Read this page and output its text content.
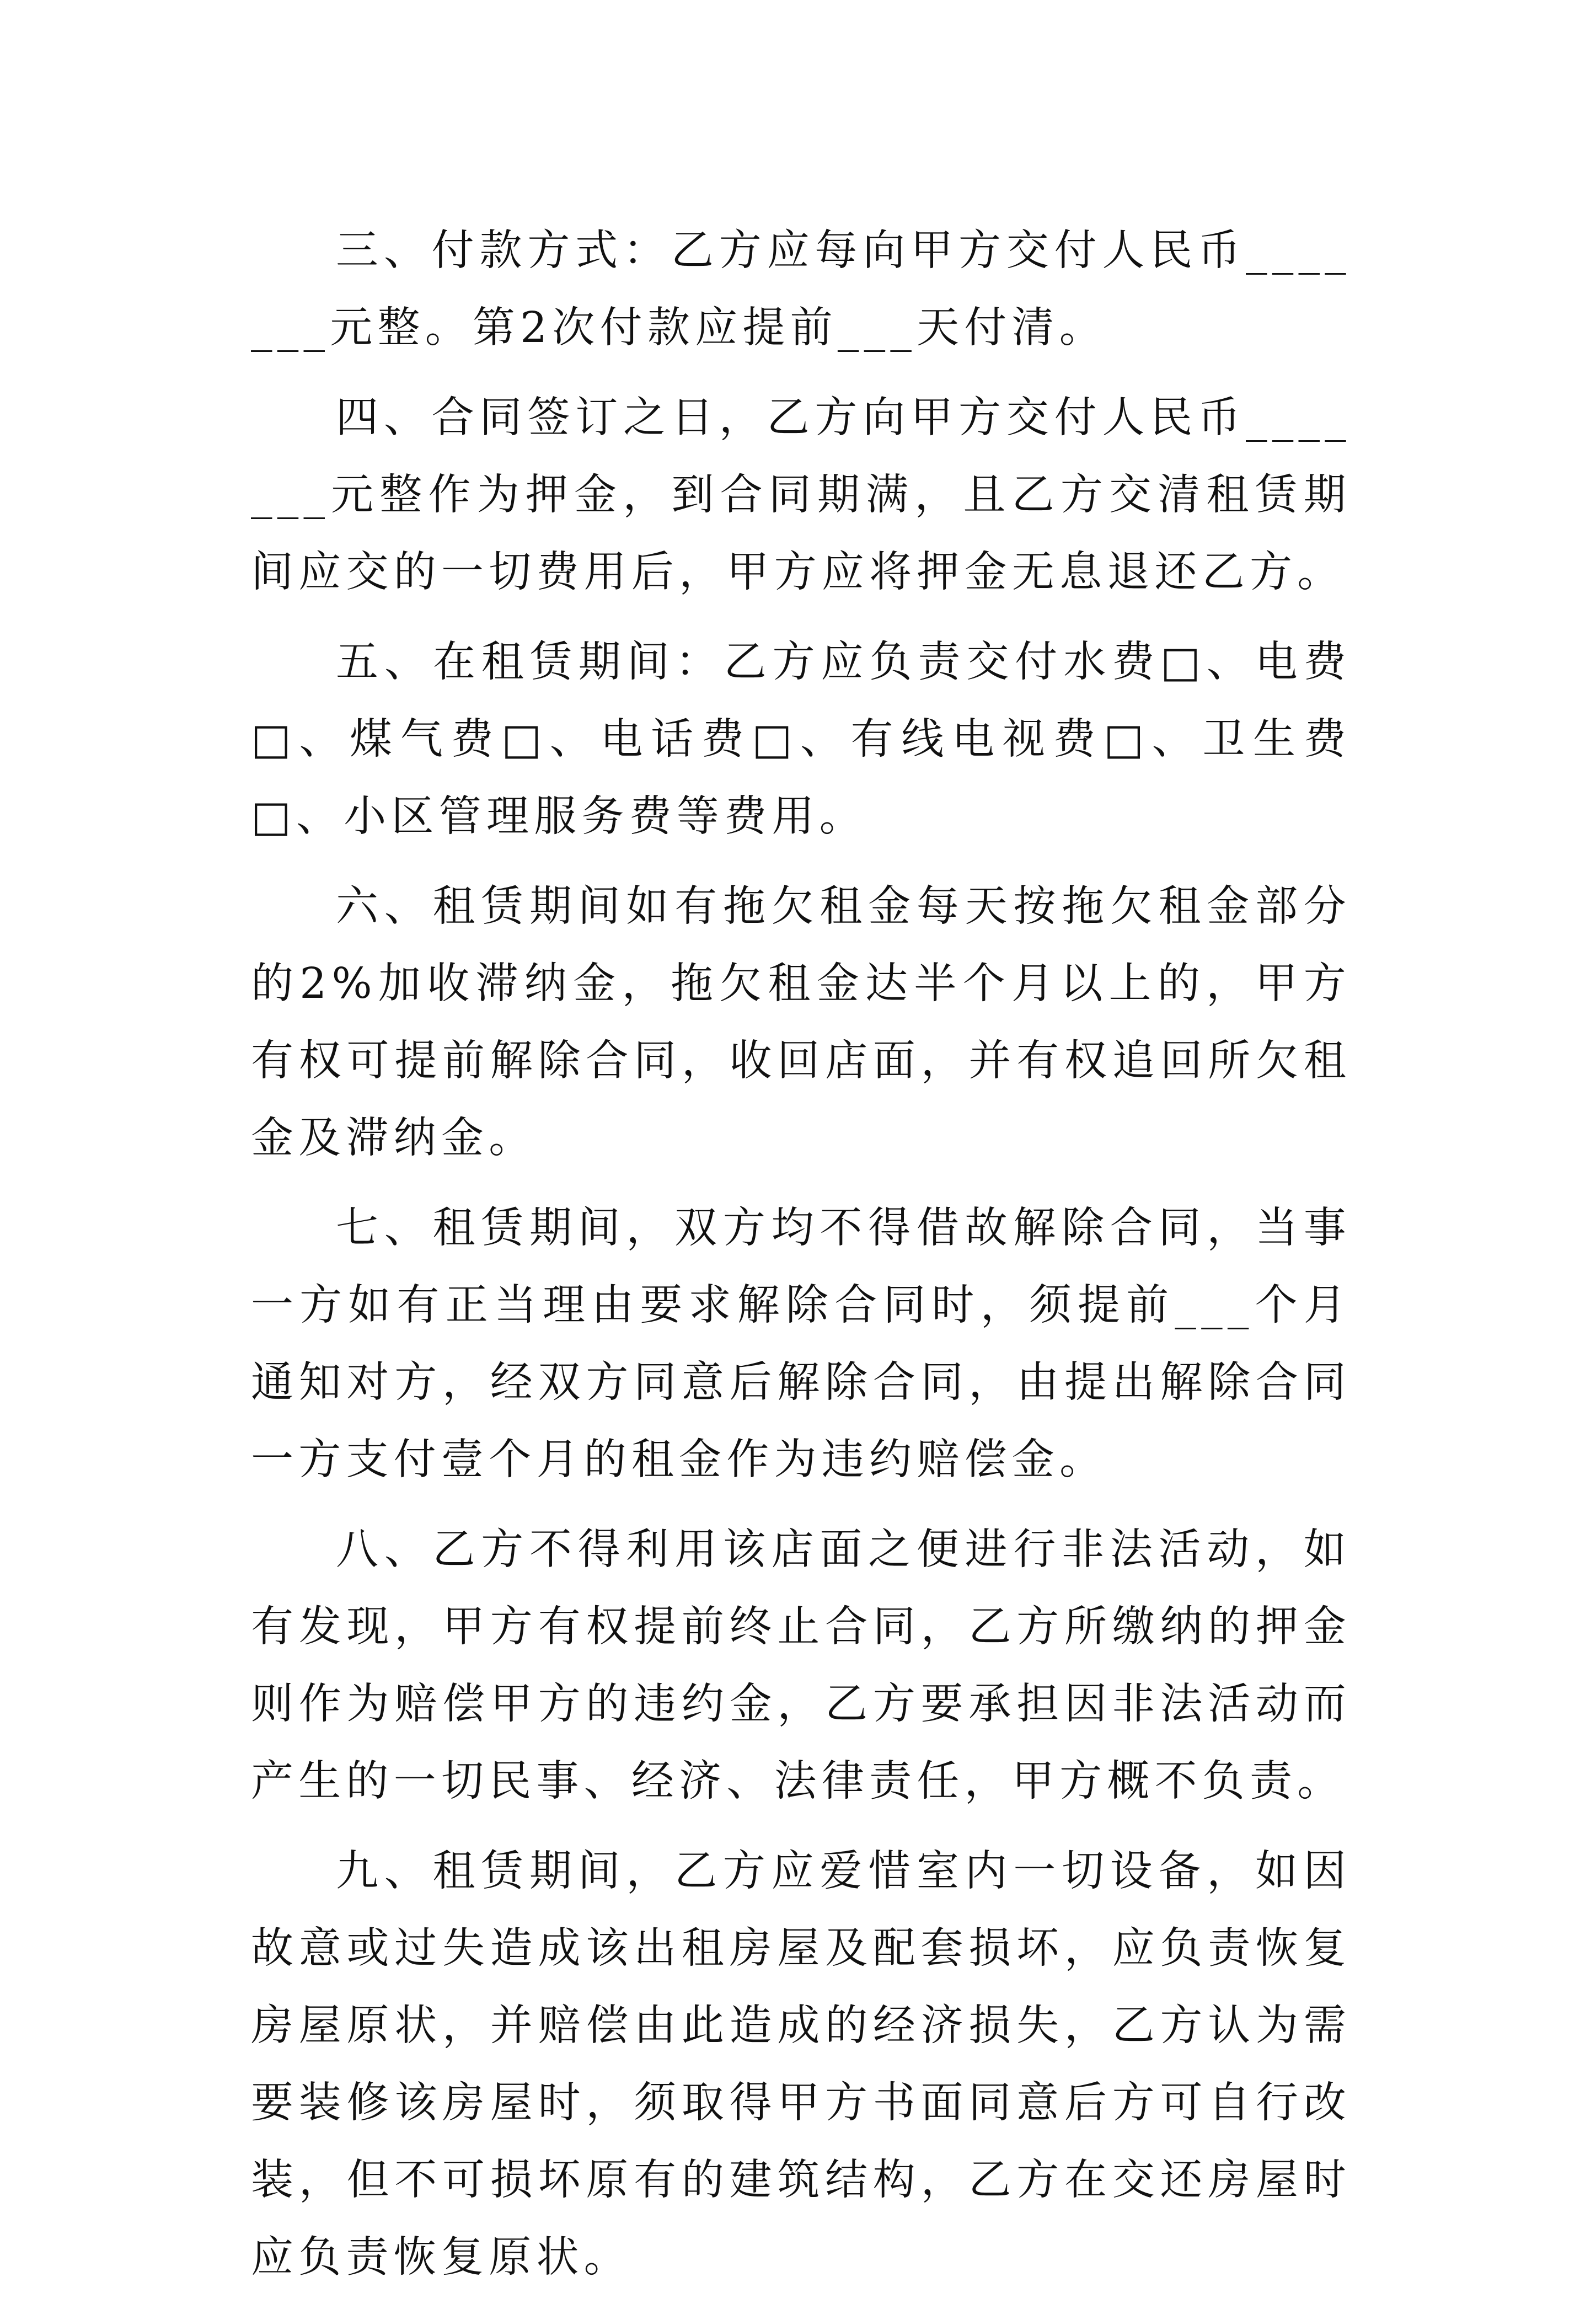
三、付款方式：乙方应每向甲方交付人民币_______元整。第2次付款应提前___天付清。

四、合同签订之日，乙方向甲方交付人民币_______元整作为押金，到合同期满，且乙方交清租赁期间应交的一切费用后，甲方应将押金无息退还乙方。

五、在租赁期间：乙方应负责交付水费□、电费□、煤气费□、电话费□、有线电视费□、卫生费□、小区管理服务费等费用。

六、租赁期间如有拖欠租金每天按拖欠租金部分的2%加收滞纳金，拖欠租金达半个月以上的，甲方有权可提前解除合同，收回店面，并有权追回所欠租金及滞纳金。

七、租赁期间，双方均不得借故解除合同，当事一方如有正当理由要求解除合同时，须提前___个月通知对方，经双方同意后解除合同，由提出解除合同一方支付壹个月的租金作为违约赔偿金。

八、乙方不得利用该店面之便进行非法活动，如有发现，甲方有权提前终止合同，乙方所缴纳的押金则作为赔偿甲方的违约金，乙方要承担因非法活动而产生的一切民事、经济、法律责任，甲方概不负责。

九、租赁期间，乙方应爱惜室内一切设备，如因故意或过失造成该出租房屋及配套损坏，应负责恢复房屋原状，并赔偿由此造成的经济损失，乙方认为需要装修该房屋时，须取得甲方书面同意后方可自行改装，但不可损坏原有的建筑结构，乙方在交还房屋时应负责恢复原状。
